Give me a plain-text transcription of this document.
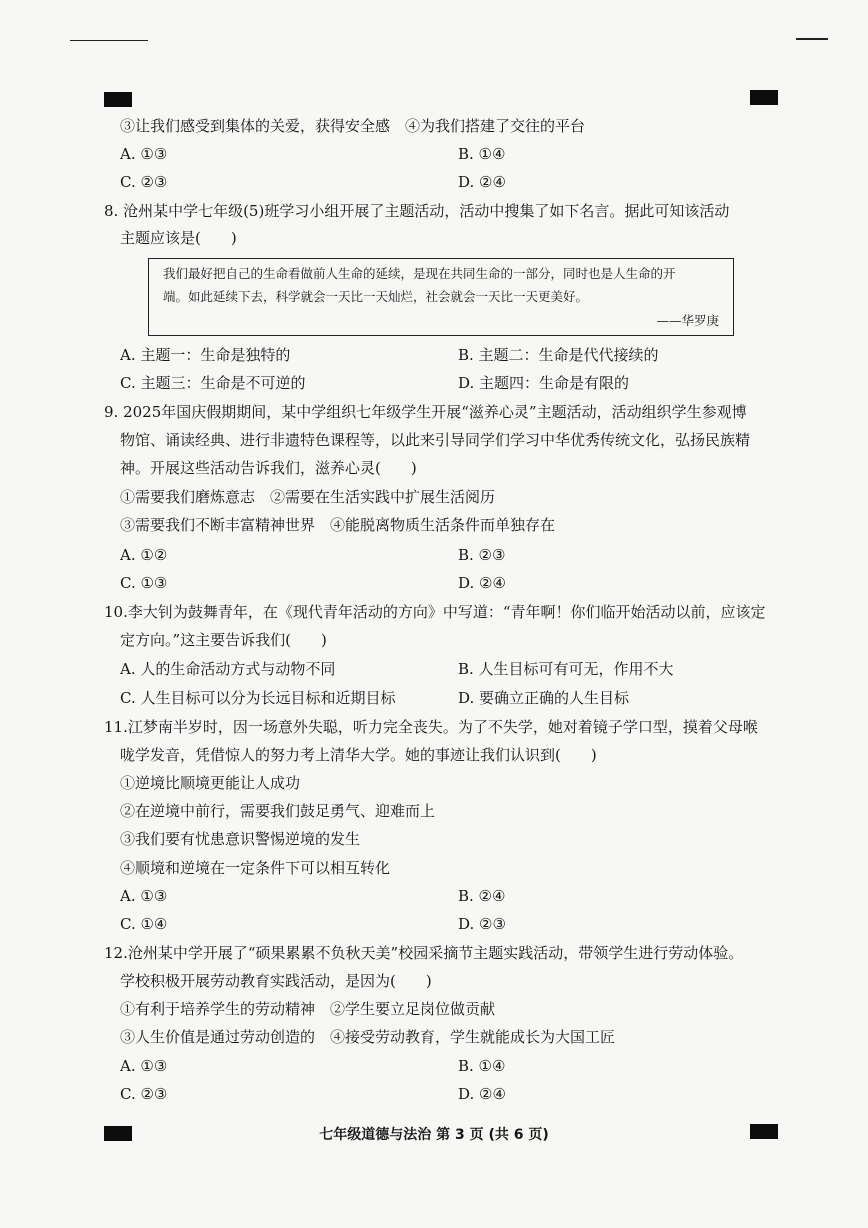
③让我们感受到集体的关爱，获得安全感　④为我们搭建了交往的平台
A. ①③	B. ①④
C. ②③	D. ②④
8. 沧州某中学七年级(5)班学习小组开展了主题活动，活动中搜集了如下名言。据此可知该活动
主题应该是(　　)
我们最好把自己的生命看做前人生命的延续，是现在共同生命的一部分，同时也是人生命的开
端。如此延续下去，科学就会一天比一天灿烂，社会就会一天比一天更美好。
——华罗庚
A. 主题一：生命是独特的	B. 主题二：生命是代代接续的
C. 主题三：生命是不可逆的	D. 主题四：生命是有限的
9. 2025年国庆假期期间，某中学组织七年级学生开展“滋养心灵”主题活动，活动组织学生参观博
物馆、诵读经典、进行非遗特色课程等，以此来引导同学们学习中华优秀传统文化，弘扬民族精
神。开展这些活动告诉我们，滋养心灵(　　)
①需要我们磨炼意志　②需要在生活实践中扩展生活阅历
③需要我们不断丰富精神世界　④能脱离物质生活条件而单独存在
A. ①②	B. ②③
C. ①③	D. ②④
10.李大钊为鼓舞青年，在《现代青年活动的方向》中写道：“青年啊！你们临开始活动以前，应该定
定方向。”这主要告诉我们(　　)
A. 人的生命活动方式与动物不同	B. 人生目标可有可无，作用不大
C. 人生目标可以分为长远目标和近期目标	D. 要确立正确的人生目标
11.江梦南半岁时，因一场意外失聪，听力完全丧失。为了不失学，她对着镜子学口型，摸着父母喉
咙学发音，凭借惊人的努力考上清华大学。她的事迹让我们认识到(　　)
①逆境比顺境更能让人成功
②在逆境中前行，需要我们鼓足勇气、迎难而上
③我们要有忧患意识警惕逆境的发生
④顺境和逆境在一定条件下可以相互转化
A. ①③	B. ②④
C. ①④	D. ②③
12.沧州某中学开展了“硕果累累不负秋天美”校园采摘节主题实践活动，带领学生进行劳动体验。
学校积极开展劳动教育实践活动，是因为(　　)
①有利于培养学生的劳动精神　②学生要立足岗位做贡献
③人生价值是通过劳动创造的　④接受劳动教育，学生就能成长为大国工匠
A. ①③	B. ①④
C. ②③	D. ②④
七年级道德与法治 第 3 页 (共 6 页)
